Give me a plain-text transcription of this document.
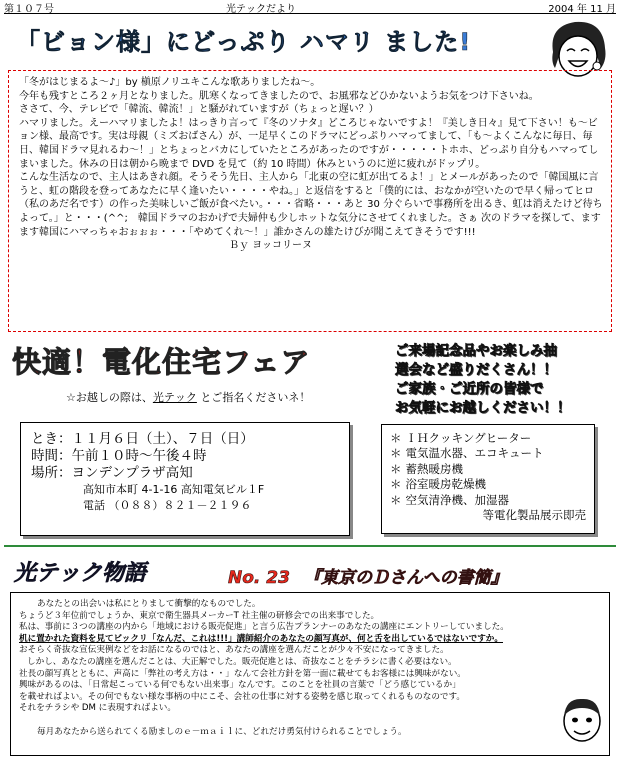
第１０７号	光テックだより	2004 年 11 月
「ビョン様」にどっぷり ハマリ ました!

「冬がはじまるよ～♪」by 槇原ノリユキこんな歌ありましたね～。

今年も残すところ２ヶ月となりました。肌寒くなってきましたので、お風邪などひかないようお気をつけ下さいね。

ささて、今、テレビで「韓流、韓流！」と騒がれていますが（ちょっと遅い？）

ハマリました。えーハマリましたよ！はっきり言って『冬のソナタ』どころじゃないですよ！『美しき日々』見て下さい！も～ビョン様、最高です。実は母親（ミズおばさん）が、一足早くこのドラマにどっぷりハマってまして、「も～よくこんなに毎日、毎日、韓国ドラマ見れるわ～！」とちょっとバカにしていたところがあったのですが・・・・・トホホ、どっぷり自分もハマってしまいました。休みの日は朝から晩まで DVD を見て（約 10 時間）休みというのに逆に疲れがドップリ。

こんな生活なので、主人はあきれ顔。そうそう先日、主人から「北東の空に虹が出てるよ！」とメールがあったので「韓国風に言うと、虹の階段を登ってあなたに早く逢いたい・・・・やね。」と返信をすると「僕的には、おなかが空いたので早く帰ってヒロ（私のあだ名です）の作った美味しいご飯が食べたい。・・・省略・・・あと 30 分ぐらいで事務所を出るき、虹は消えたけど待ちよって。」と・・・(^^;　韓国ドラマのおかげで夫婦仲も少しホットな気分にさせてくれました。さぁ 次のドラマを探して、ますます韓国にハマっちゃおぉぉぉ・・・「やめてくれ～！」誰かさんの雄たけびが聞こえてきそうです!!!

Ｂｙ ヨッコリーヌ

快適！電化住宅フェア
☆お越しの際は、光テック とご指名くださいネ！
ご来場記念品やお楽しみ抽
選会など盛りだくさん！！
ご家族・ご近所の皆様で
お気軽にお越しください！！
とき：１１月６日（土）、７日（日）
時間：午前１０時～午後４時
場所：ヨンデンプラザ高知
高知市本町 4-1-16 高知電気ビル１F
電話 （０８８）８２１－２１９６
＊ ＩＨクッキングヒーター
＊ 電気温水器、エコキュート
＊ 蓄熱暖房機
＊ 浴室暖房乾燥機
＊ 空気清浄機、加湿器
等電化製品展示即売
光テック物語	No. 23 『東京のＤさんへの書簡』

あなたとの出会いは私にとりまして衝撃的なものでした。

ちょうど３年位前でしょうか、東京で衛生器具メーカーT 社主催の研修会での出来事でした。

私は、事前に３つの講座の内から「地域における販売促進」と言う広告プランナーのあなたの講座にエントリーしていました。

机に置かれた資料を見てビックリ「なんだ、これは!!!」講師紹介のあなたの顔写真が、何と舌を出しているではないですか。

おそらく奇抜な宣伝実例などをお話になるのではと、あなたの講座を選んだことが少々不安になってきました。

しかし、あなたの講座を選んだことは、大正解でした。販売促進とは、奇抜なことをチラシに書く必要はない。

社長の顔写真とともに、声高に「弊社の考え方は・・」なんて会社方針を第一面に載せてもお客様には興味がない。

興味があるのは、「日常起こっている何でもない出来事」なんです。このことを社員の言葉で「どう感じているか」

を載せればよい。その何でもない様な事柄の中にこそ、会社の仕事に対する姿勢を感じ取ってくれるものなのです。

それをチラシや DM に表現すればよい。

毎月あなたから送られてくる励ましのｅ－ｍａｉｌに、どれだけ勇気付けられることでしょう。
